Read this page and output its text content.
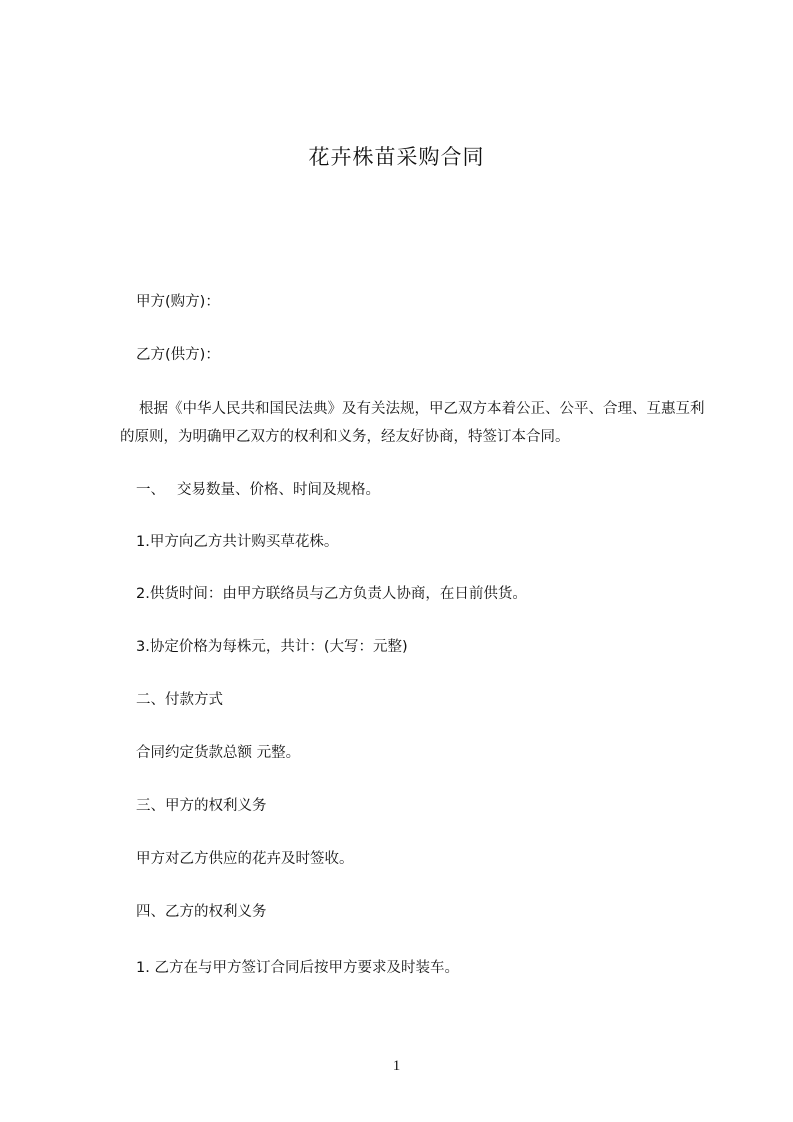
花卉株苗采购合同
甲方(购方)：
乙方(供方)：
根据《中华人民共和国民法典》及有关法规，甲乙双方本着公正、公平、合理、互惠互利的原则，为明确甲乙双方的权利和义务，经友好协商，特签订本合同。
一、 交易数量、价格、时间及规格。
1.甲方向乙方共计购买草花株。
2.供货时间：由甲方联络员与乙方负责人协商，在日前供货。
3.协定价格为每株元，共计：(大写：元整)
二、付款方式
合同约定货款总额 元整。
三、甲方的权利义务
甲方对乙方供应的花卉及时签收。
四、乙方的权利义务
1. 乙方在与甲方签订合同后按甲方要求及时装车。
1
